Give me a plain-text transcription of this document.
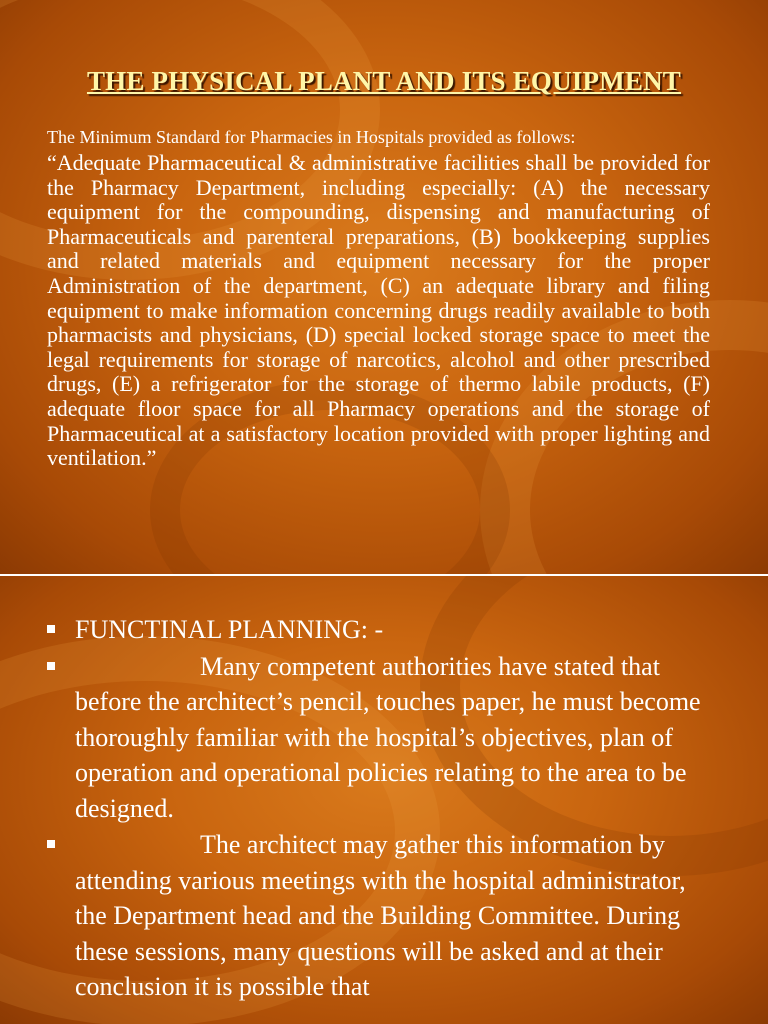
THE PHYSICAL PLANT AND ITS EQUIPMENT
The Minimum Standard for Pharmacies in Hospitals provided as follows:
“Adequate Pharmaceutical & administrative facilities shall be provided for the Pharmacy Department, including especially: (A) the necessary equipment for the compounding, dispensing and manufacturing of Pharmaceuticals and parenteral preparations, (B) bookkeeping supplies and related materials and equipment necessary for the proper Administration of the department, (C) an adequate library and filing equipment to make information concerning drugs readily available to both pharmacists and physicians, (D) special locked storage space to meet the legal requirements for storage of narcotics, alcohol and other prescribed drugs, (E) a refrigerator for the storage of thermo labile products, (F) adequate floor space for all Pharmacy operations and the storage of Pharmaceutical at a satisfactory location provided with proper lighting and ventilation.”
FUNCTINAL PLANNING: -
Many competent authorities have stated that before the architect’s pencil, touches paper, he must become thoroughly familiar with the hospital’s objectives, plan of operation and operational policies relating to the area to be designed.
The architect may gather this information by attending various meetings with the hospital administrator, the Department head and the Building Committee. During these sessions, many questions will be asked and at their conclusion it is possible that
